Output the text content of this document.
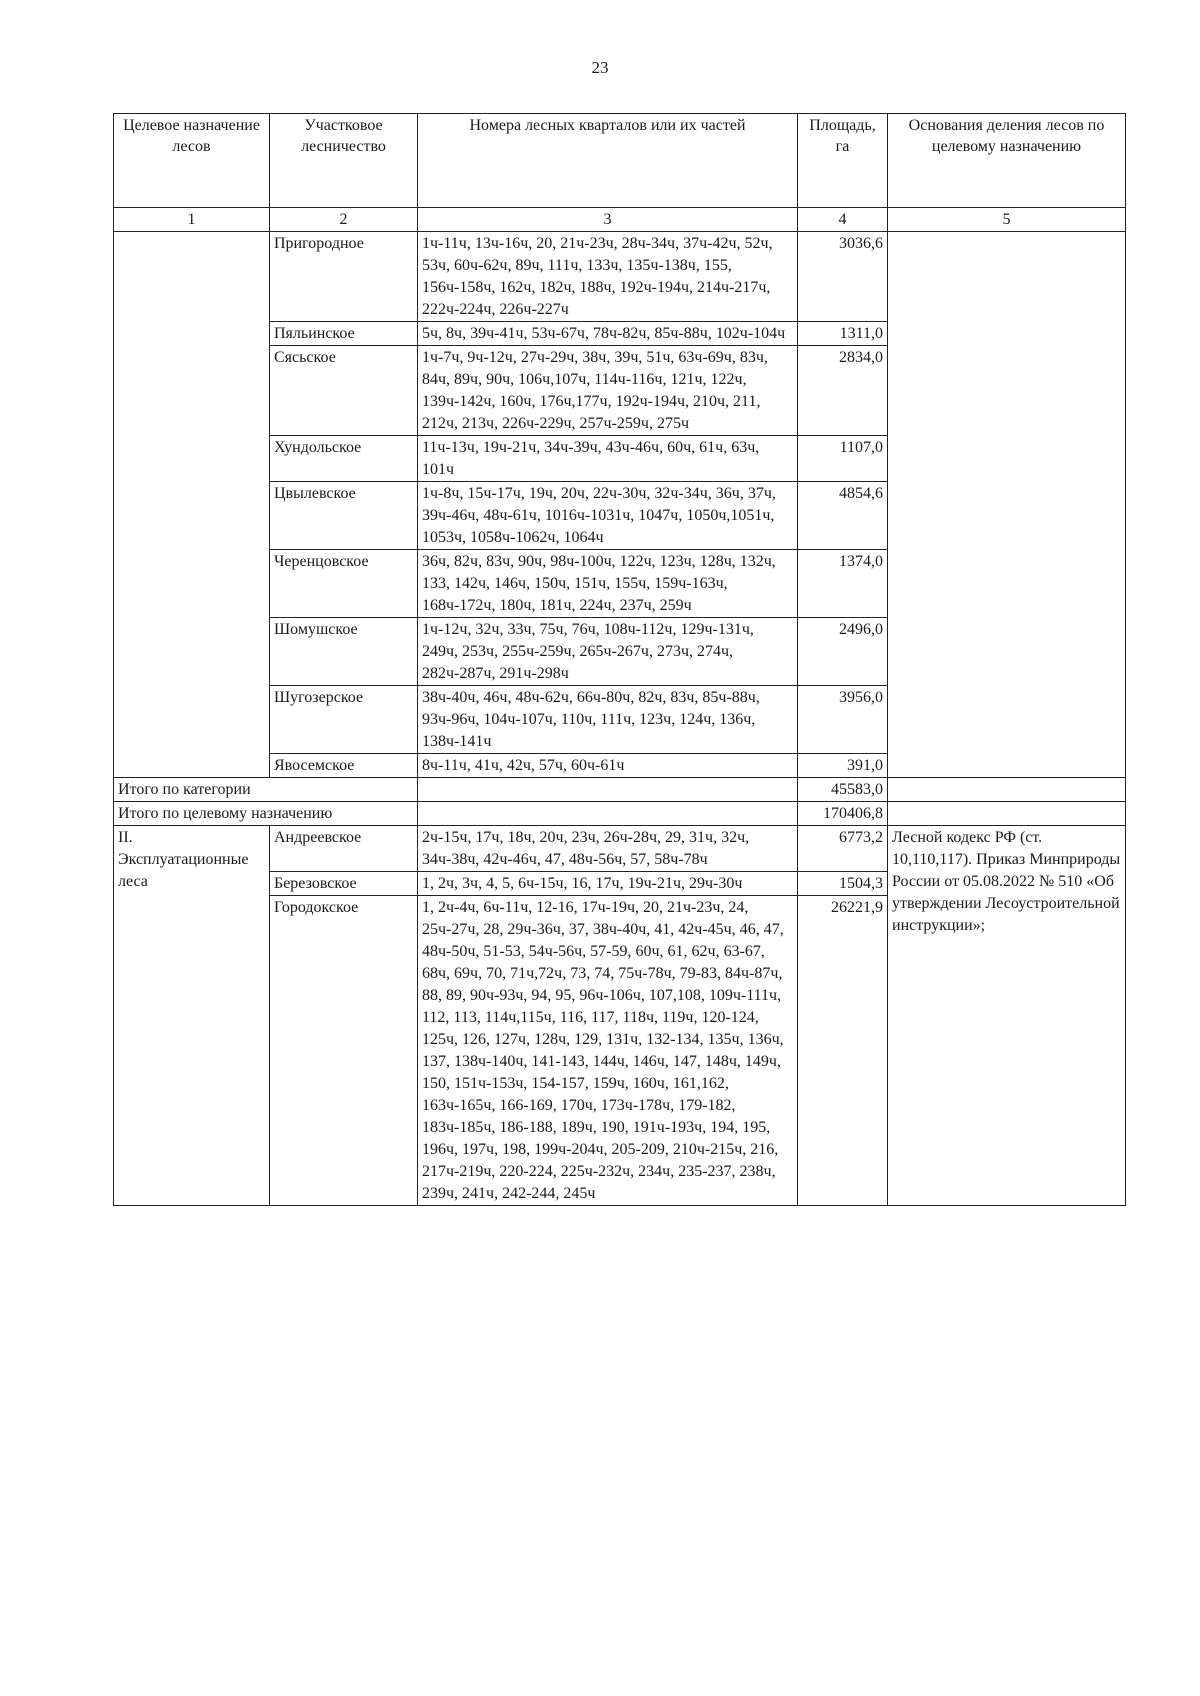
23
Целевое назначение лесов	Участковое лесничество	Номера лесных кварталов или их частей	Площадь, га	Основания деления лесов по целевому назначению
1	2	3	4	5
	Пригородное	1ч-11ч, 13ч-16ч, 20, 21ч-23ч, 28ч-34ч, 37ч-42ч, 52ч, 53ч, 60ч-62ч, 89ч, 111ч, 133ч, 135ч-138ч, 155, 156ч-158ч, 162ч, 182ч, 188ч, 192ч-194ч, 214ч-217ч, 222ч-224ч, 226ч-227ч	3036,6	
	Пяльинское	5ч, 8ч, 39ч-41ч, 53ч-67ч, 78ч-82ч, 85ч-88ч, 102ч-104ч	1311,0	
	Сясьское	1ч-7ч, 9ч-12ч, 27ч-29ч, 38ч, 39ч, 51ч, 63ч-69ч, 83ч, 84ч, 89ч, 90ч, 106ч,107ч, 114ч-116ч, 121ч, 122ч, 139ч-142ч, 160ч, 176ч,177ч, 192ч-194ч, 210ч, 211, 212ч, 213ч, 226ч-229ч, 257ч-259ч, 275ч	2834,0	
	Хундольское	11ч-13ч, 19ч-21ч, 34ч-39ч, 43ч-46ч, 60ч, 61ч, 63ч, 101ч	1107,0	
	Цвылевское	1ч-8ч, 15ч-17ч, 19ч, 20ч, 22ч-30ч, 32ч-34ч, 36ч, 37ч, 39ч-46ч, 48ч-61ч, 1016ч-1031ч, 1047ч, 1050ч,1051ч, 1053ч, 1058ч-1062ч, 1064ч	4854,6	
	Черенцовское	36ч, 82ч, 83ч, 90ч, 98ч-100ч, 122ч, 123ч, 128ч, 132ч, 133, 142ч, 146ч, 150ч, 151ч, 155ч, 159ч-163ч, 168ч-172ч, 180ч, 181ч, 224ч, 237ч, 259ч	1374,0	
	Шомушское	1ч-12ч, 32ч, 33ч, 75ч, 76ч, 108ч-112ч, 129ч-131ч, 249ч, 253ч, 255ч-259ч, 265ч-267ч, 273ч, 274ч, 282ч-287ч, 291ч-298ч	2496,0	
	Шугозерское	38ч-40ч, 46ч, 48ч-62ч, 66ч-80ч, 82ч, 83ч, 85ч-88ч, 93ч-96ч, 104ч-107ч, 110ч, 111ч, 123ч, 124ч, 136ч, 138ч-141ч	3956,0	
	Явосемское	8ч-11ч, 41ч, 42ч, 57ч, 60ч-61ч	391,0	
Итого по категории			45583,0	
Итого по целевому назначению			170406,8	
II. Эксплуатационные леса	Андреевское	2ч-15ч, 17ч, 18ч, 20ч, 23ч, 26ч-28ч, 29, 31ч, 32ч, 34ч-38ч, 42ч-46ч, 47, 48ч-56ч, 57, 58ч-78ч	6773,2	Лесной кодекс РФ (ст. 10,110,117). Приказ Минприроды России от 05.08.2022 № 510 «Об утверждении Лесоустроительной инструкции»;
	Березовское	1, 2ч, 3ч, 4, 5, 6ч-15ч, 16, 17ч, 19ч-21ч, 29ч-30ч	1504,3	
	Городокское	1, 2ч-4ч, 6ч-11ч, 12-16, 17ч-19ч, 20, 21ч-23ч, 24, 25ч-27ч, 28, 29ч-36ч, 37, 38ч-40ч, 41, 42ч-45ч, 46, 47, 48ч-50ч, 51-53, 54ч-56ч, 57-59, 60ч, 61, 62ч, 63-67, 68ч, 69ч, 70, 71ч,72ч, 73, 74, 75ч-78ч, 79-83, 84ч-87ч, 88, 89, 90ч-93ч, 94, 95, 96ч-106ч, 107,108, 109ч-111ч, 112, 113, 114ч,115ч, 116, 117, 118ч, 119ч, 120-124, 125ч, 126, 127ч, 128ч, 129, 131ч, 132-134, 135ч, 136ч, 137, 138ч-140ч, 141-143, 144ч, 146ч, 147, 148ч, 149ч, 150, 151ч-153ч, 154-157, 159ч, 160ч, 161,162, 163ч-165ч, 166-169, 170ч, 173ч-178ч, 179-182, 183ч-185ч, 186-188, 189ч, 190, 191ч-193ч, 194, 195, 196ч, 197ч, 198, 199ч-204ч, 205-209, 210ч-215ч, 216, 217ч-219ч, 220-224, 225ч-232ч, 234ч, 235-237, 238ч, 239ч, 241ч, 242-244, 245ч	26221,9	
